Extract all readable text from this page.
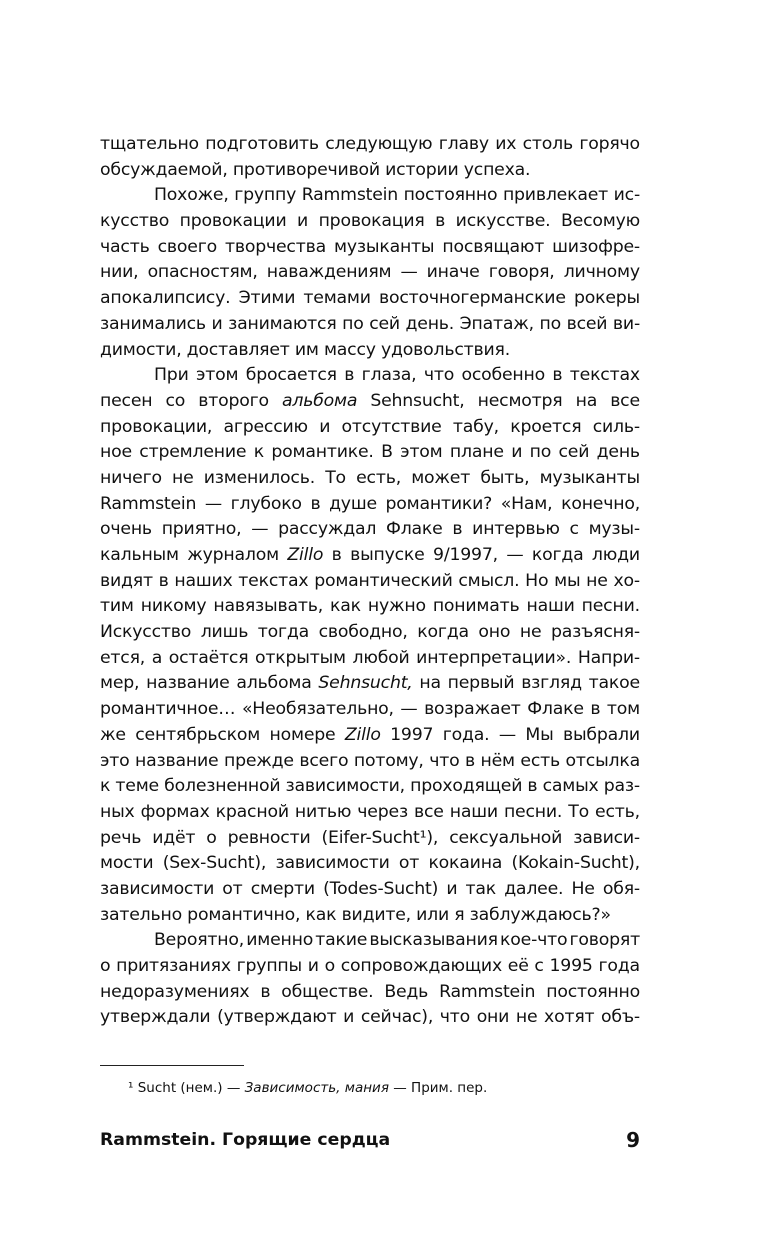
тщательно подготовить следующую главу их столь горячо
обсуждаемой, противоречивой истории успеха.
Похоже, группу Rammstein постоянно привлекает ис-
кусство провокации и провокация в искусстве. Весомую
часть своего творчества музыканты посвящают шизофре-
нии, опасностям, наваждениям — иначе говоря, личному
апокалипсису. Этими темами восточногерманские рокеры
занимались и занимаются по сей день. Эпатаж, по всей ви-
димости, доставляет им массу удовольствия.
При этом бросается в глаза, что особенно в текстах
песен со второго альбома Sehnsucht, несмотря на все
провокации, агрессию и отсутствие табу, кроется силь-
ное стремление к романтике. В этом плане и по сей день
ничего не изменилось. То есть, может быть, музыканты
Rammstein — глубоко в душе романтики? «Нам, конечно,
очень приятно, — рассуждал Флаке в интервью с музы-
кальным журналом Zillo в выпуске 9/1997, — когда люди
видят в наших текстах романтический смысл. Но мы не хо-
тим никому навязывать, как нужно понимать наши песни.
Искусство лишь тогда свободно, когда оно не разъясня-
ется, а остаётся открытым любой интерпретации». Напри-
мер, название альбома Sehnsucht, на первый взгляд такое
романтичное… «Необязательно, — возражает Флаке в том
же сентябрьском номере Zillo 1997 года. — Мы выбрали
это название прежде всего потому, что в нём есть отсылка
к теме болезненной зависимости, проходящей в самых раз-
ных формах красной нитью через все наши песни. То есть,
речь идёт о ревности (Eifer-Sucht¹), сексуальной зависи-
мости (Sex-Sucht), зависимости от кокаина (Kokain-Sucht),
зависимости от смерти (Todes-Sucht) и так далее. Не обя-
зательно романтично, как видите, или я заблуждаюсь?»
Вероятно, именно такие высказывания кое-что говорят
о притязаниях группы и о сопровождающих её с 1995 года
недоразумениях в обществе. Ведь Rammstein постоянно
утверждали (утверждают и сейчас), что они не хотят объ-
¹ Sucht (нем.) — Зависимость, мания — Прим. пер.
Rammstein. Горящие сердца	9
